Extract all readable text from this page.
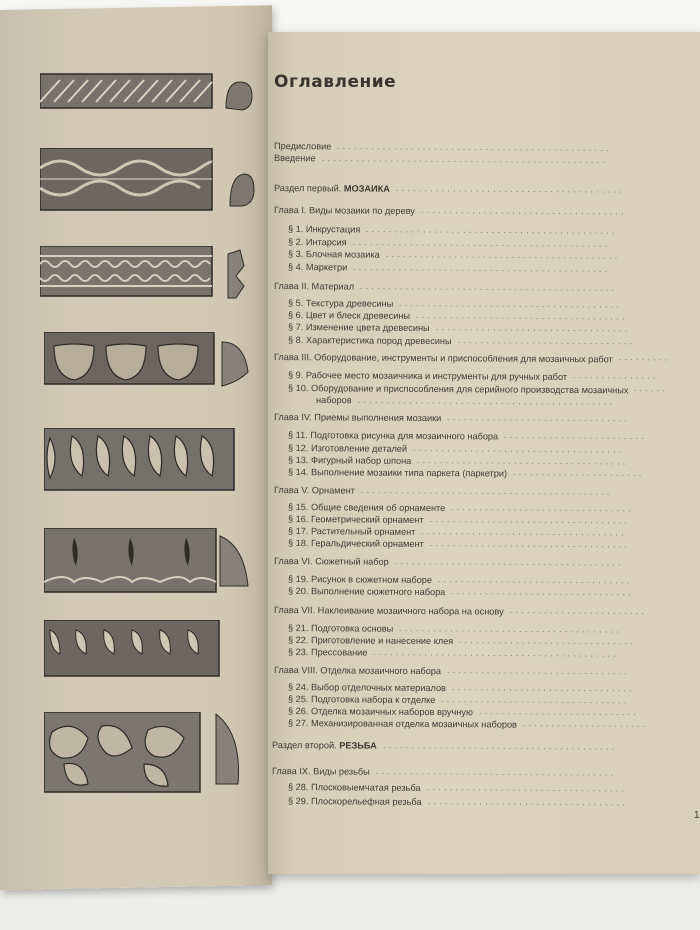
Оглавление
Предисловие ................................................
Введение ..................................................
Раздел первый. МОЗАИКА ........................................
Глава I. Виды мозаики по дереву ....................................
§ 1. Инкрустация ............................................
§ 2. Интарсия .............................................
§ 3. Блочная мозаика .........................................
§ 4. Маркетри .............................................
Глава II. Материал .............................................
§ 5. Текстура древесины .......................................
§ 6. Цвет и блеск древесины .....................................
§ 7. Изменение цвета древесины ..................................
§ 8. Характеристика пород древесины ...............................
Глава III. Оборудование, инструменты и приспособления для мозаичных работ .........
§ 9. Рабочее место мозаичника и инструменты для ручных работ ...............
§ 10. Оборудование и приспособления для серийного производства мозаичных ......
наборов .............................................
Глава IV. Приемы выполнения мозаики ................................
§ 11. Подготовка рисунка для мозаичного набора .........................
§ 12. Изготовление деталей .....................................
§ 13. Фигурный набор шпона .....................................
§ 14. Выполнение мозаики типа паркета (паркетри) .......................
Глава V. Орнамент ............................................
§ 15. Общие сведения об орнаменте ................................
§ 16. Геометрический орнамент ...................................
§ 17. Растительный орнамент ....................................
§ 18. Геральдический орнамент ...................................
Глава VI. Сюжетный набор ........................................
§ 19. Рисунок в сюжетном наборе ..................................
§ 20. Выполнение сюжетного набора ................................
Глава VII. Наклеивание мозаичного набора на основу ........................
§ 21. Подготовка основы .......................................
§ 22. Приготовление и нанесение клея ...............................
§ 23. Прессование ...........................................
Глава VIII. Отделка мозаичного набора ................................
§ 24. Выбор отделочных материалов ................................
§ 25. Подготовка набора к отделке .................................
§ 26. Отделка мозаичных наборов вручную ............................
§ 27. Механизированная отделка мозаичных наборов ......................
Раздел второй. РЕЗЬБА .........................................
Глава IX. Виды резьбы ..........................................
§ 28. Плосковыемчатая резьба ...................................
§ 29. Плоскорельефная резьба ...................................
1
